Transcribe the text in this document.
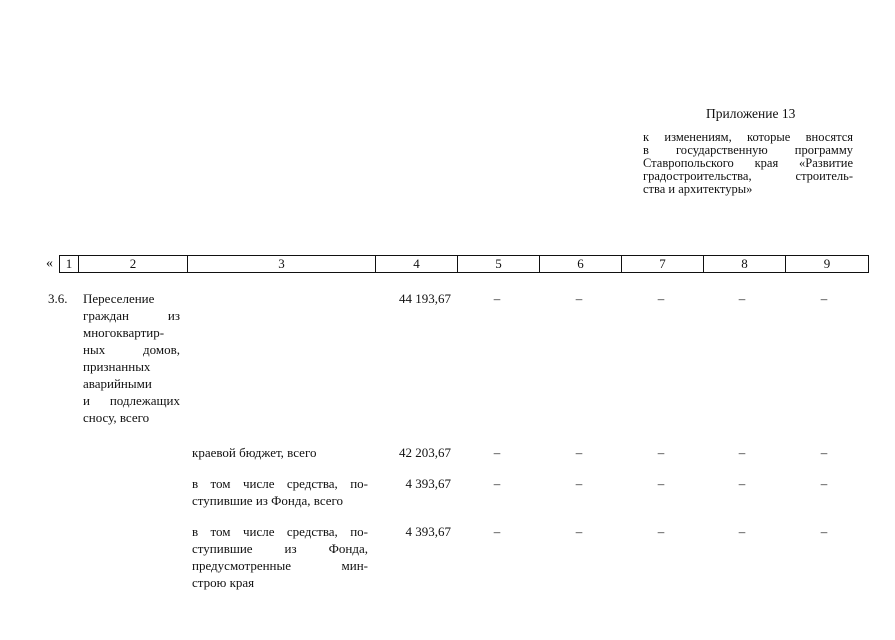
Приложение 13
к изменениям, которые вносятся
в государственную программу
Ставропольского края «Развитие
градостроительства, строитель-
ства и архитектуры»
« 1	2	3	4	5	6	7	8	9
3.6. Переселение
граждан из
многоквартир-
ных домов,
признанных
аварийными
и подлежащих
сносу, всего
44 193,67	–	–	–	–	–
краевой бюджет, всего	42 203,67	–	–	–	–	–
в том числе средства, по-
ступившие из Фонда, всего
4 393,67	–	–	–	–	–
в том числе средства, по-
ступившие из Фонда,
предусмотренные мин-
строю края
4 393,67	–	–	–	–	–
